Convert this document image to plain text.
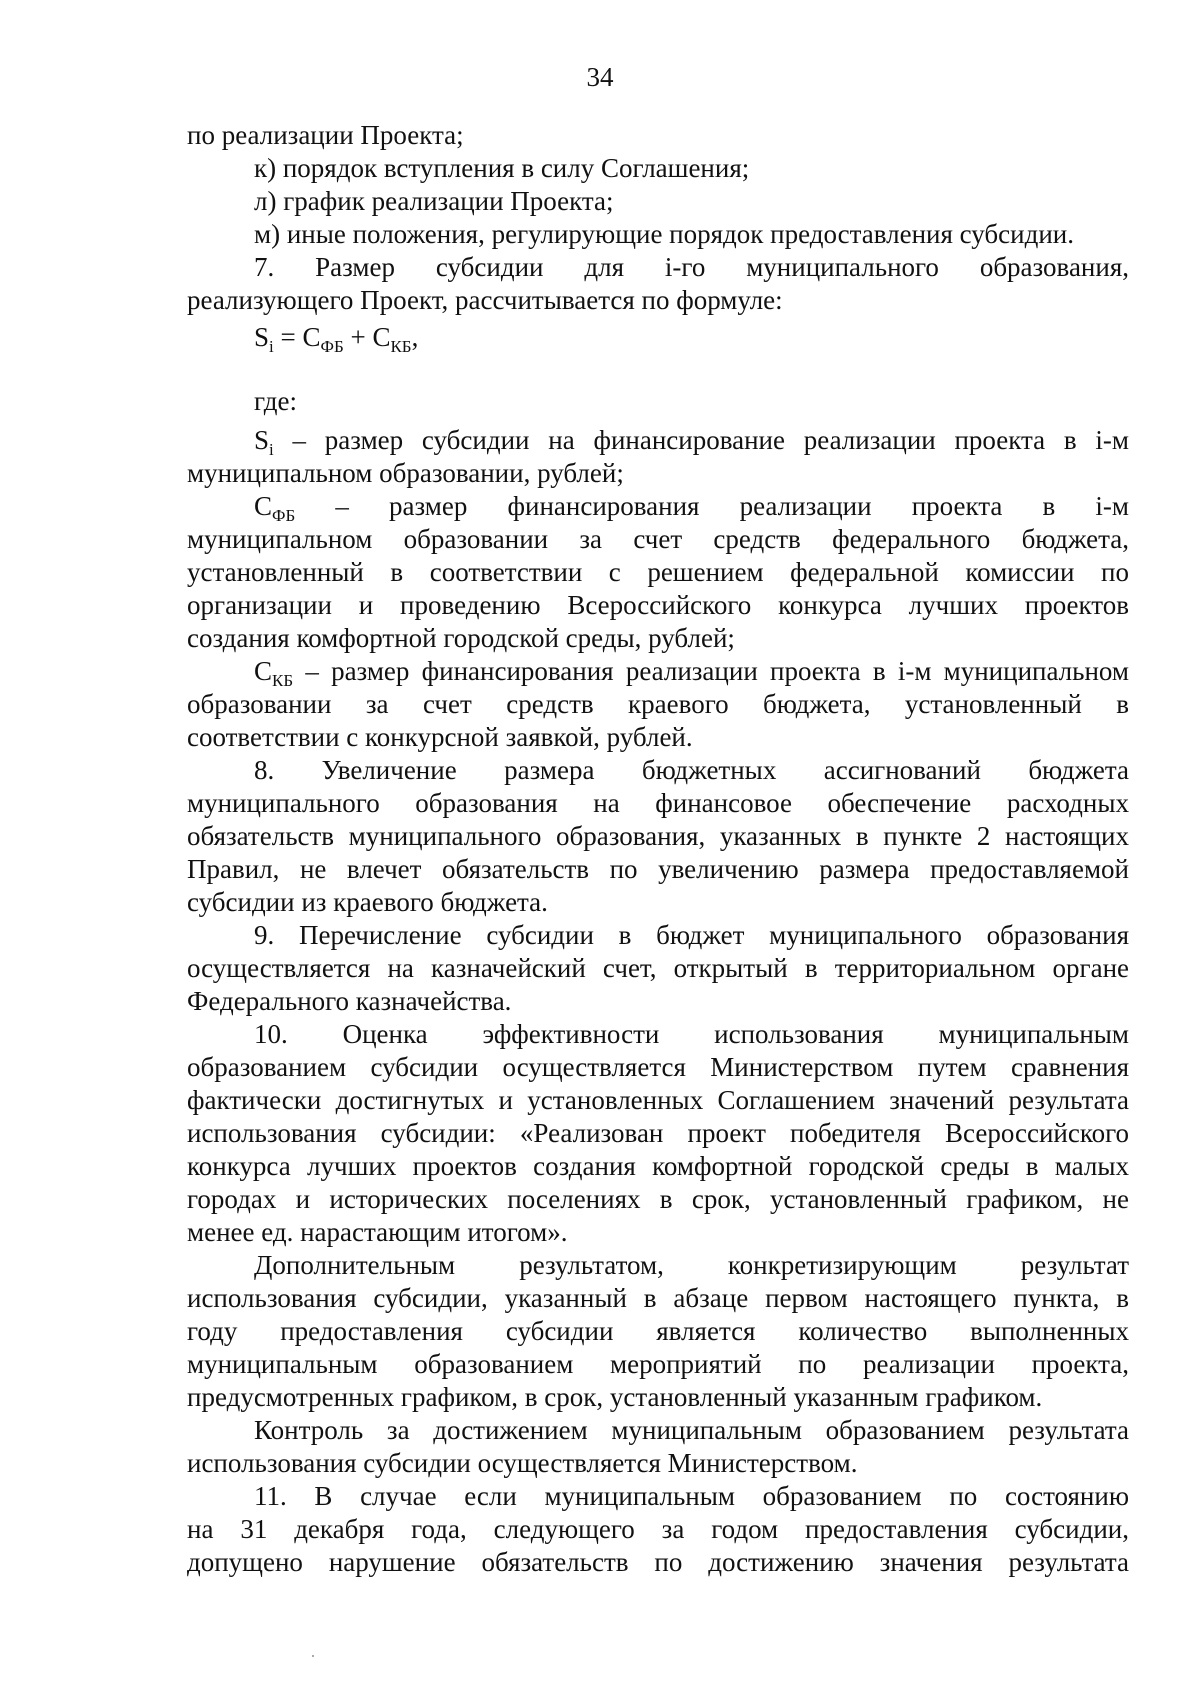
34
по реализации Проекта;
к) порядок вступления в силу Соглашения;
л) график реализации Проекта;
м) иные положения, регулирующие порядок предоставления субсидии.
7. Размер субсидии для i-го муниципального образования,
реализующего Проект, рассчитывается по формуле:
$S_i = C_{ФБ} + C_{КБ}$,
где:
$S_i$ – размер субсидии на финансирование реализации проекта в i-м
муниципальном образовании, рублей;
$C_{ФБ}$ – размер финансирования реализации проекта в i-м
муниципальном образовании за счет средств федерального бюджета,
установленный в соответствии с решением федеральной комиссии по
организации и проведению Всероссийского конкурса лучших проектов
создания комфортной городской среды, рублей;
$C_{КБ}$ – размер финансирования реализации проекта в i-м муниципальном
образовании за счет средств краевого бюджета, установленный в
соответствии с конкурсной заявкой, рублей.
8. Увеличение размера бюджетных ассигнований бюджета
муниципального образования на финансовое обеспечение расходных
обязательств муниципального образования, указанных в пункте 2 настоящих
Правил, не влечет обязательств по увеличению размера предоставляемой
субсидии из краевого бюджета.
9. Перечисление субсидии в бюджет муниципального образования
осуществляется на казначейский счет, открытый в территориальном органе
Федерального казначейства.
10. Оценка эффективности использования муниципальным
образованием субсидии осуществляется Министерством путем сравнения
фактически достигнутых и установленных Соглашением значений результата
использования субсидии: «Реализован проект победителя Всероссийского
конкурса лучших проектов создания комфортной городской среды в малых
городах и исторических поселениях в срок, установленный графиком, не
менее ед. нарастающим итогом».
Дополнительным результатом, конкретизирующим результат
использования субсидии, указанный в абзаце первом настоящего пункта, в
году предоставления субсидии является количество выполненных
муниципальным образованием мероприятий по реализации проекта,
предусмотренных графиком, в срок, установленный указанным графиком.
Контроль за достижением муниципальным образованием результата
использования субсидии осуществляется Министерством.
11. В случае если муниципальным образованием по состоянию
на 31 декабря года, следующего за годом предоставления субсидии,
допущено нарушение обязательств по достижению значения результата
